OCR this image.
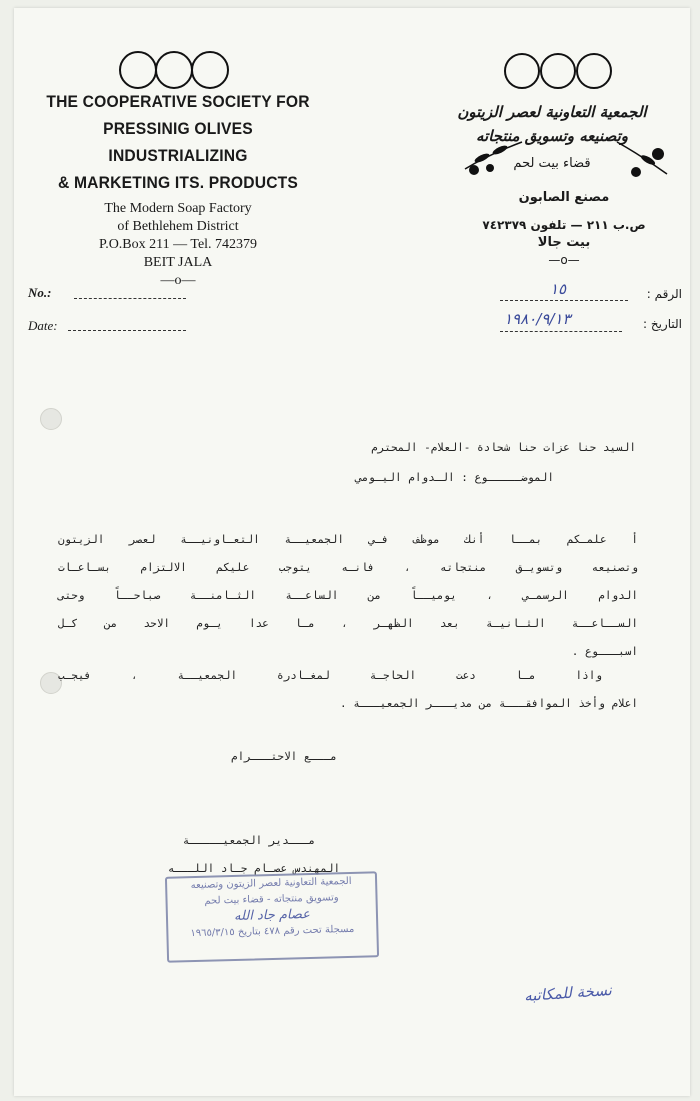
THE COOPERATIVE SOCIETY FOR
PRESSINIG OLIVES INDUSTRIALIZING
& MARKETING ITS. PRODUCTS
The Modern Soap Factory
of Bethlehem District
P.O.Box 211 — Tel. 742379
BEIT JALA
—o—
الجمعية التعاونية لعصر الزيتون وتصنيعه وتسويق منتجاته
قضاء بيت لحم
مصنع الصابون
ص.ب ٢١١ — تلفون ٧٤٢٣٧٩
بيت جالا
—o—
No.:
Date:
الرقم :
١٥
التاريخ :
١٩٨٠/٩/١٣
السيد حنا عزات حنا شحادة -العلام- المحترم
الموضـــــوع : الـدوام اليـومي
أ علمـكم بمــا أنك موظف فـي الجمعيــة التعـاونيــة لعصر الزيتون
وتصنيعه وتسويـق منتجاته ، فانـه يتوجب عليكم الالتزام بسـاعـات
الدوام الرسمـي ، يوميــاً من الساعــة الثـامنــة صباحــاً وحتى
الســاعــة الثـانيـة بعد الظهـر ، مـا عدا يـوم الاحد من كـل
اسبـــوع .
واذا مـا دعت الحاجـة لمغـادرة الجمعيــة ، فيجـب
اعلام وأخذ الموافقـــة من مديـــر الجمعيـــة .
مـــع الاحتـــرام
مـــدير الجمعيـــــة
المهندس عصـام جـاد اللـــه
الجمعية التعاونية لعصر الزيتون وتصنيعه
وتسويق منتجاته - قضاء بيت لحم
عصام جاد الله
مسجلة تحت رقم ٤٧٨ بتاريخ ١٩٦٥/٣/١٥
نسخة للمكاتبه
